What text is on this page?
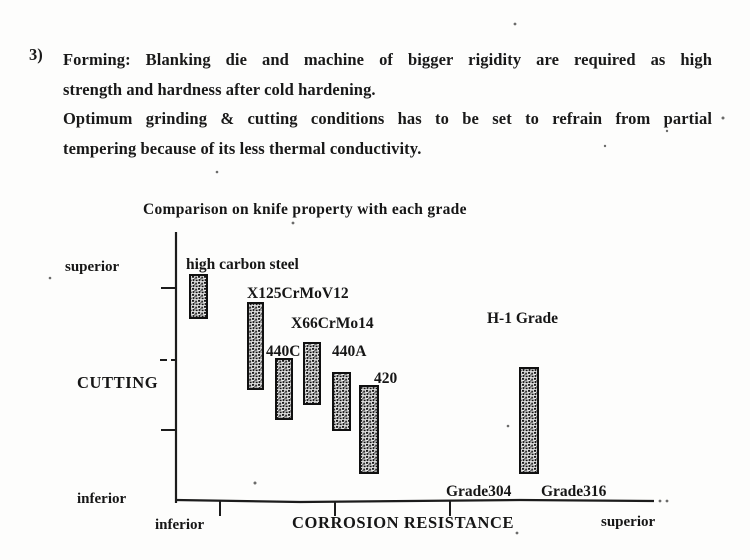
3) Forming: Blanking die and machine of bigger rigidity are required as high
strength and hardness after cold hardening.
Optimum grinding & cutting conditions has to be set to refrain from partial
tempering because of its less thermal conductivity.
Comparison on knife property with each grade
superior
CUTTING
inferior
inferior	CORROSION RESISTANCE	superior
high carbon steel
X125CrMoV12
440C
X66CrMo14
440A
420
H-1 Grade
Grade304 Grade316
